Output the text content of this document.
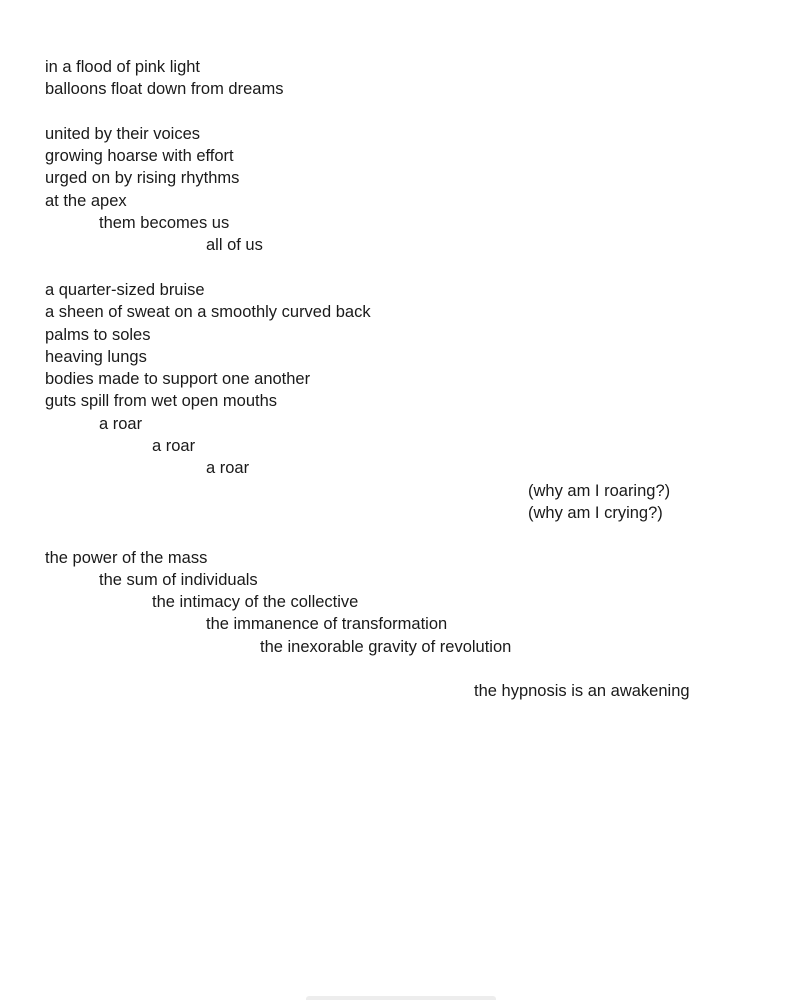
in a flood of pink light
balloons float down from dreams
united by their voices
growing hoarse with effort
urged on by rising rhythms
at the apex
them becomes us
all of us
a quarter-sized bruise
a sheen of sweat on a smoothly curved back
palms to soles
heaving lungs
bodies made to support one another
guts spill from wet open mouths
a roar
a roar
a roar
(why am I roaring?)
(why am I crying?)
the power of the mass
the sum of individuals
the intimacy of the collective
the immanence of transformation
the inexorable gravity of revolution
the hypnosis is an awakening
